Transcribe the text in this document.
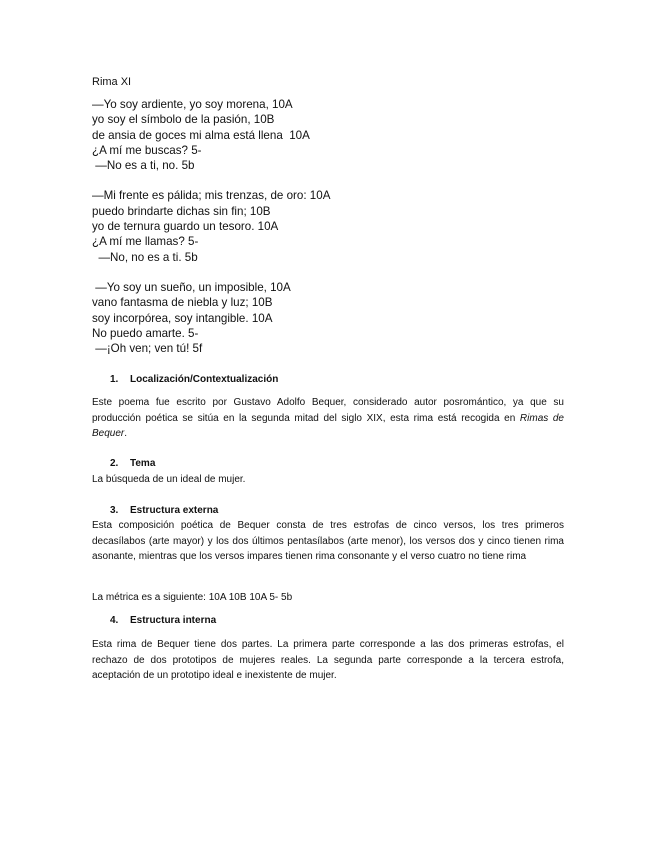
Rima XI
—Yo soy ardiente, yo soy morena, 10A
yo soy el símbolo de la pasión, 10B
de ansia de goces mi alma está llena  10A
¿A mí me buscas? 5-
—No es a ti, no. 5b
—Mi frente es pálida; mis trenzas, de oro: 10A
puedo brindarte dichas sin fin; 10B
yo de ternura guardo un tesoro. 10A
¿A mí me llamas? 5-
—No, no es a ti. 5b
—Yo soy un sueño, un imposible, 10A
vano fantasma de niebla y luz; 10B
soy incorpórea, soy intangible. 10A
No puedo amarte. 5-
—¡Oh ven; ven tú! 5f
1. Localización/Contextualización
Este poema fue escrito por Gustavo Adolfo Bequer, considerado autor posromántico, ya que su producción poética se sitúa en la segunda mitad del siglo XIX, esta rima está recogida en Rimas de Bequer.
2. Tema
La búsqueda de un ideal de mujer.
3. Estructura externa
Esta composición poética de Bequer consta de tres estrofas de cinco versos, los tres primeros decasílabos (arte mayor) y los dos últimos pentasílabos (arte menor), los versos dos y cinco tienen rima asonante, mientras que los versos impares tienen rima consonante y el verso cuatro no tiene rima
La métrica es a siguiente: 10A 10B 10A 5- 5b
4. Estructura interna
Esta rima de Bequer tiene dos partes. La primera parte corresponde a las dos primeras estrofas, el rechazo de dos prototipos de mujeres reales. La segunda parte corresponde a la tercera estrofa, aceptación de un prototipo ideal e inexistente de mujer.
